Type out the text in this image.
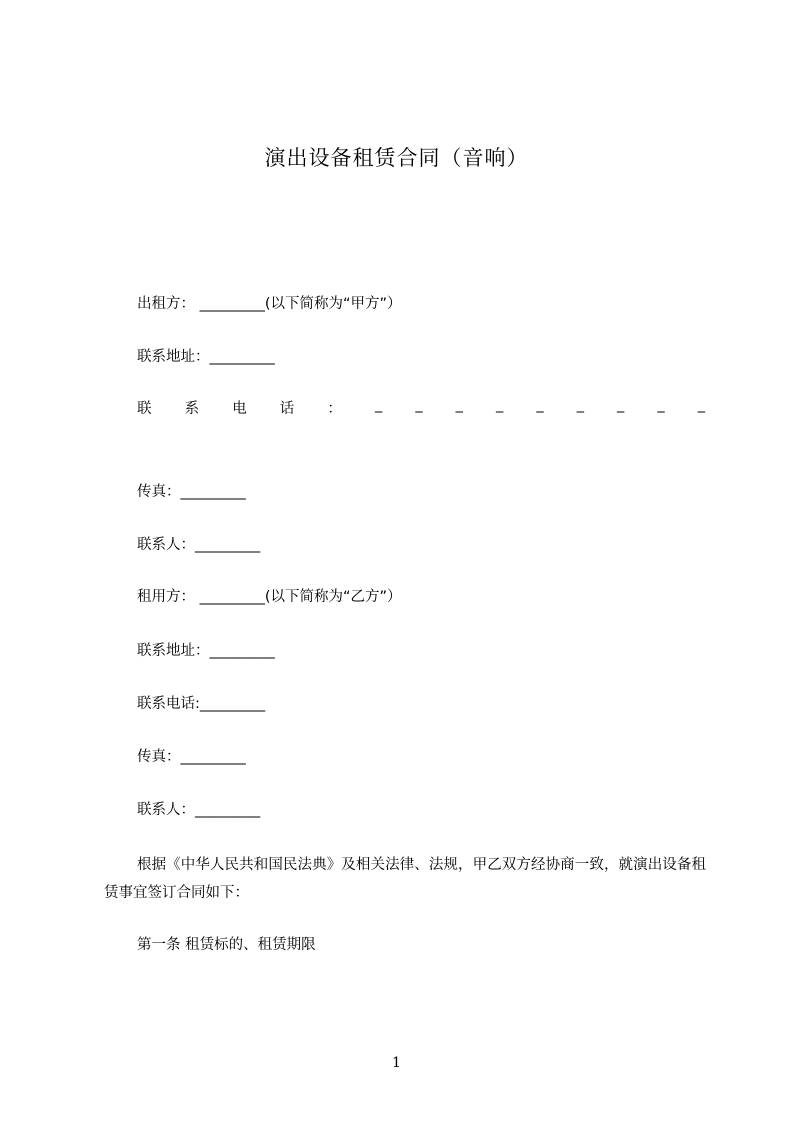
演出设备租赁合同（音响）
出租方： _________(以下简称为“甲方”）
联系地址：_________
联 系 电 话 ： _ _ _ _ _ _ _ _ _
传真：_________
联系人：_________
租用方： _________(以下简称为“乙方”）
联系地址：_________
联系电话:_________
传真：_________
联系人：_________
根据《中华人民共和国民法典》及相关法律、法规，甲乙双方经协商一致，就演出设备租赁事宜签订合同如下：
第一条 租赁标的、租赁期限
1
